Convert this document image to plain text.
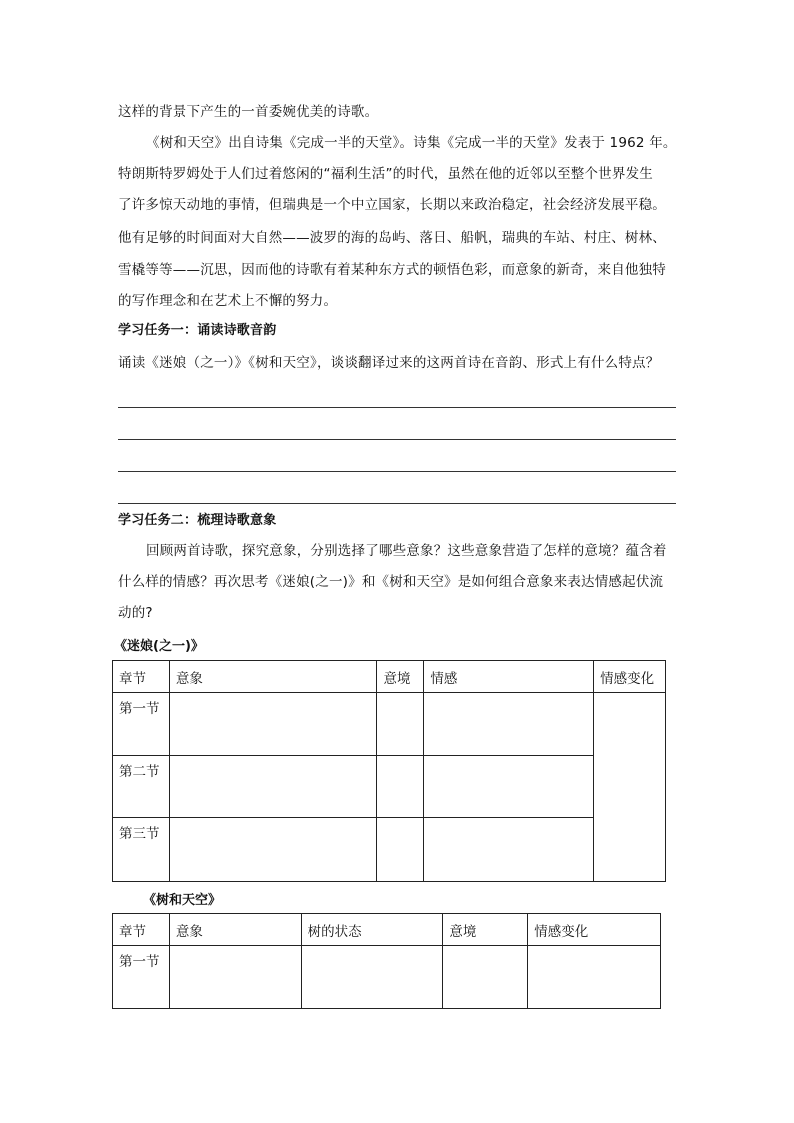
这样的背景下产生的一首委婉优美的诗歌。
《树和天空》出自诗集《完成一半的天堂》。诗集《完成一半的天堂》发表于 1962 年。
特朗斯特罗姆处于人们过着悠闲的“福利生活”的时代，虽然在他的近邻以至整个世界发生
了许多惊天动地的事情，但瑞典是一个中立国家，长期以来政治稳定，社会经济发展平稳。
他有足够的时间面对大自然——波罗的海的岛屿、落日、船帆，瑞典的车站、村庄、树林、
雪橇等等——沉思，因而他的诗歌有着某种东方式的顿悟色彩，而意象的新奇，来自他独特
的写作理念和在艺术上不懈的努力。
学习任务一：诵读诗歌音韵
诵读《迷娘（之一）》《树和天空》，谈谈翻译过来的这两首诗在音韵、形式上有什么特点？
学习任务二：梳理诗歌意象
回顾两首诗歌，探究意象，分别选择了哪些意象？这些意象营造了怎样的意境？蕴含着
什么样的情感？再次思考《迷娘(之一)》和《树和天空》是如何组合意象来表达情感起伏流
动的?
《迷娘(之一)》
章节	意象	意境	情感	情感变化
第一节				
第二节				
第三节				
《树和天空》
章节	意象	树的状态	意境	情感变化
第一节				
